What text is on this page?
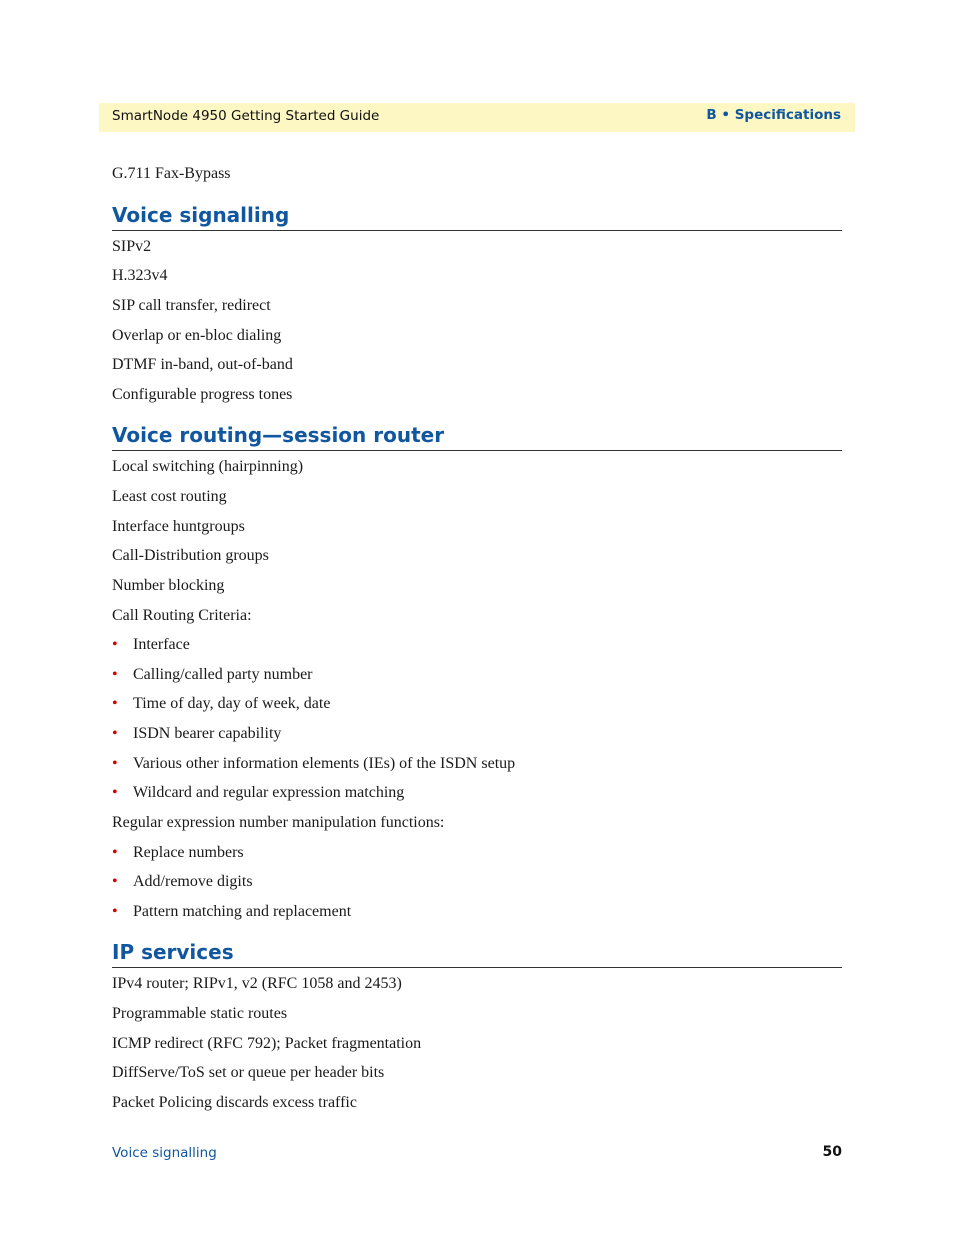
SmartNode 4950 Getting Started Guide	B • Specifications
G.711 Fax-Bypass
Voice signalling
SIPv2
H.323v4
SIP call transfer, redirect
Overlap or en-bloc dialing
DTMF in-band, out-of-band
Configurable progress tones
Voice routing—session router
Local switching (hairpinning)
Least cost routing
Interface huntgroups
Call-Distribution groups
Number blocking
Call Routing Criteria:
• Interface
• Calling/called party number
• Time of day, day of week, date
• ISDN bearer capability
• Various other information elements (IEs) of the ISDN setup
• Wildcard and regular expression matching
Regular expression number manipulation functions:
• Replace numbers
• Add/remove digits
• Pattern matching and replacement
IP services
IPv4 router; RIPv1, v2 (RFC 1058 and 2453)
Programmable static routes
ICMP redirect (RFC 792); Packet fragmentation
DiffServe/ToS set or queue per header bits
Packet Policing discards excess traffic
Voice signalling	50
